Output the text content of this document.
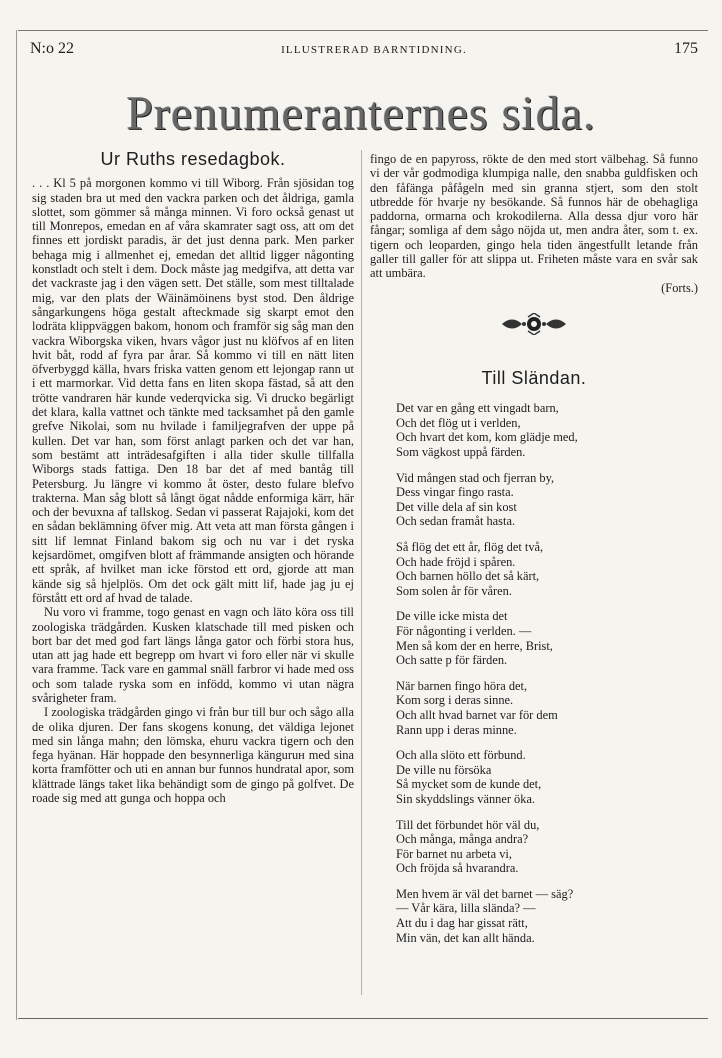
N:o 22	ILLUSTRERAD BARNTIDNING.	175
Prenumeranternes sida.
Ur Ruths resedagbok.

. . . Kl 5 på morgonen kommo vi till Wiborg. Från sjösidan tog sig staden bra ut med den vackra parken och det åldriga, gamla slottet, som gömmer så många minnen. Vi foro också genast ut till Monrepos, emedan en af våra skamrater sagt oss, att om det finnes ett jordiskt paradis, är det just denna park. Men parker behaga mig i allmenhet ej, emedan det alltid ligger någonting konstladt och stelt i dem. Dock måste jag medgifva, att detta var det vackraste jag i den vägen sett. Det ställe, som mest tilltalade mig, var den plats der Wäinämöinens byst stod. Den åldrige sångarkungens höga gestalt afteckmade sig skarpt emot den lodräta klippväggen bakom, honom och framför sig såg man den vackra Wiborgska viken, hvars vågor just nu klöfvos af en liten hvit båt, rodd af fyra par årar. Så kommo vi till en nätt liten öfverbyggd källa, hvars friska vatten genom ett lejongap rann ut i ett marmorkar. Vid detta fans en liten skopa fästad, så att den trötte vandraren här kunde vederqvicka sig. Vi drucko begärligt det klara, kalla vattnet och tänkte med tacksamhet på den gamle grefve Nikolai, som nu hvilade i familjegrafven der uppe på kullen. Det var han, som först anlagt parken och det var han, som bestämt att inträdesafgiften i alla tider skulle tillfalla Wiborgs stads fattiga. Den 18 bar det af med bantåg till Petersburg. Ju längre vi kommo åt öster, desto fulare blefvo trakterna. Man såg blott så långt ögat nådde enformiga kärr, här och der bevuxna af tallskog. Sedan vi passerat Rajajoki, kom det en sådan beklämning öfver mig. Att veta att man första gången i sitt lif lemnat Finland bakom sig och nu var i det ryska kejsardömet, omgifven blott af främmande ansigten och hörande ett språk, af hvilket man icke förstod ett ord, gjorde att man kände sig så hjelplös. Om det ock gält mitt lif, hade jag ju ej förstått ett ord af hvad de talade.

Nu voro vi framme, togo genast en vagn och läto köra oss till zoologiska trädgården. Kusken klatschade till med pisken och bort bar det med god fart längs långa gator och förbi stora hus, utan att jag hade ett begrepp om hvart vi foro eller när vi skulle vara framme. Tack vare en gammal snäll farbror vi hade med oss och som talade ryska som en infödd, kommo vi utan nägra svårigheter fram.

I zoologiska trädgården gingo vi från bur till bur och sågo alla de olika djuren. Der fans skogens konung, det väldiga lejonet med sin långa mahn; den lömska, ehuru vackra tigern och den fega hyänan. Här hoppade den besynnerliga känguruн med sina korta framfötter och uti en annan bur funnos hundratal apor, som klättrade längs taket lika behändigt som de gingo på golfvet. De roade sig med att gunga och hoppa och

fingo de en papyross, rökte de den med stort välbehag. Så funno vi der vår godmodiga klumpiga nalle, den snabba guldfisken och den fåfänga påfågeln med sin granna stjert, som den stolt utbredde för hvarje ny besökande. Så funnos här de obehagliga paddorna, ormarna och krokodilerna. Alla dessa djur voro här fångar; somliga af dem sågo nöjda ut, men andra åter, som t. ex. tigern och leoparden, gingo hela tiden ängestfullt letande från galler till galler för att slippa ut. Friheten måste vara en svår sak att umbära.

(Forts.)

Till Sländan.
Det var en gång ett vingadt barn,
Och det flög ut i verlden,
Och hvart det kom, kom glädje med,
Som vägkost uppå färden.
Vid mången stad och fjerran by,
Dess vingar fingo rasta.
Det ville dela af sin kost
Och sedan framåt hasta.
Så flög det ett år, flög det två,
Och hade fröjd i spåren.
Och barnen höllo det så kärt,
Som solen år för våren.
De ville icke mista det
För någonting i verlden. —
Men så kom der en herre, Brist,
Och satte p för färden.
När barnen fingo höra det,
Kom sorg i deras sinne.
Och allt hvad barnet var för dem
Rann upp i deras minne.
Och alla slöto ett förbund.
De ville nu försöka
Så mycket som de kunde det,
Sin skyddslings vänner öka.
Till det förbundet hör väl du,
Och många, många andra?
För barnet nu arbeta vi,
Och fröjda så hvarandra.
Men hvem är väl det barnet — säg?
— Vår kära, lilla slända? —
Att du i dag har gissat rätt,
Min vän, det kan allt hända.
